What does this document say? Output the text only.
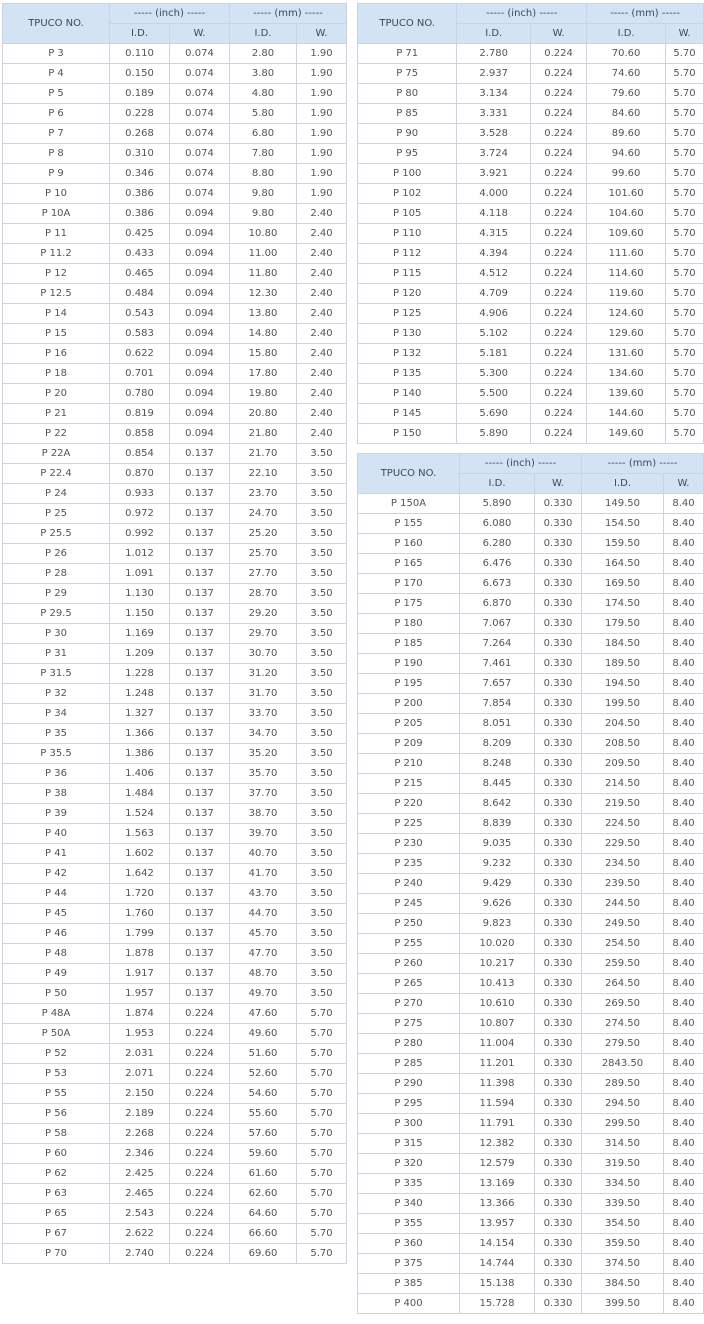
TPUCO NO.	----- (inch) -----		----- (mm) -----	
	I.D.	W.	I.D.	W.
P 3	0.110	0.074	2.80	1.90
P 4	0.150	0.074	3.80	1.90
P 5	0.189	0.074	4.80	1.90
P 6	0.228	0.074	5.80	1.90
P 7	0.268	0.074	6.80	1.90
P 8	0.310	0.074	7.80	1.90
P 9	0.346	0.074	8.80	1.90
P 10	0.386	0.074	9.80	1.90
P 10A	0.386	0.094	9.80	2.40
P 11	0.425	0.094	10.80	2.40
P 11.2	0.433	0.094	11.00	2.40
P 12	0.465	0.094	11.80	2.40
P 12.5	0.484	0.094	12.30	2.40
P 14	0.543	0.094	13.80	2.40
P 15	0.583	0.094	14.80	2.40
P 16	0.622	0.094	15.80	2.40
P 18	0.701	0.094	17.80	2.40
P 20	0.780	0.094	19.80	2.40
P 21	0.819	0.094	20.80	2.40
P 22	0.858	0.094	21.80	2.40
P 22A	0.854	0.137	21.70	3.50
P 22.4	0.870	0.137	22.10	3.50
P 24	0.933	0.137	23.70	3.50
P 25	0.972	0.137	24.70	3.50
P 25.5	0.992	0.137	25.20	3.50
P 26	1.012	0.137	25.70	3.50
P 28	1.091	0.137	27.70	3.50
P 29	1.130	0.137	28.70	3.50
P 29.5	1.150	0.137	29.20	3.50
P 30	1.169	0.137	29.70	3.50
P 31	1.209	0.137	30.70	3.50
P 31.5	1.228	0.137	31.20	3.50
P 32	1.248	0.137	31.70	3.50
P 34	1.327	0.137	33.70	3.50
P 35	1.366	0.137	34.70	3.50
P 35.5	1.386	0.137	35.20	3.50
P 36	1.406	0.137	35.70	3.50
P 38	1.484	0.137	37.70	3.50
P 39	1.524	0.137	38.70	3.50
P 40	1.563	0.137	39.70	3.50
P 41	1.602	0.137	40.70	3.50
P 42	1.642	0.137	41.70	3.50
P 44	1.720	0.137	43.70	3.50
P 45	1.760	0.137	44.70	3.50
P 46	1.799	0.137	45.70	3.50
P 48	1.878	0.137	47.70	3.50
P 49	1.917	0.137	48.70	3.50
P 50	1.957	0.137	49.70	3.50
P 48A	1.874	0.224	47.60	5.70
P 50A	1.953	0.224	49.60	5.70
P 52	2.031	0.224	51.60	5.70
P 53	2.071	0.224	52.60	5.70
P 55	2.150	0.224	54.60	5.70
P 56	2.189	0.224	55.60	5.70
P 58	2.268	0.224	57.60	5.70
P 60	2.346	0.224	59.60	5.70
P 62	2.425	0.224	61.60	5.70
P 63	2.465	0.224	62.60	5.70
P 65	2.543	0.224	64.60	5.70
P 67	2.622	0.224	66.60	5.70
P 70	2.740	0.224	69.60	5.70
TPUCO NO.	----- (inch) -----		----- (mm) -----	
	I.D.	W.	I.D.	W.
P 71	2.780	0.224	70.60	5.70
P 75	2.937	0.224	74.60	5.70
P 80	3.134	0.224	79.60	5.70
P 85	3.331	0.224	84.60	5.70
P 90	3.528	0.224	89.60	5.70
P 95	3.724	0.224	94.60	5.70
P 100	3.921	0.224	99.60	5.70
P 102	4.000	0.224	101.60	5.70
P 105	4.118	0.224	104.60	5.70
P 110	4.315	0.224	109.60	5.70
P 112	4.394	0.224	111.60	5.70
P 115	4.512	0.224	114.60	5.70
P 120	4.709	0.224	119.60	5.70
P 125	4.906	0.224	124.60	5.70
P 130	5.102	0.224	129.60	5.70
P 132	5.181	0.224	131.60	5.70
P 135	5.300	0.224	134.60	5.70
P 140	5.500	0.224	139.60	5.70
P 145	5.690	0.224	144.60	5.70
P 150	5.890	0.224	149.60	5.70
TPUCO NO.	----- (inch) -----		----- (mm) -----	
	I.D.	W.	I.D.	W.
P 150A	5.890	0.330	149.50	8.40
P 155	6.080	0.330	154.50	8.40
P 160	6.280	0.330	159.50	8.40
P 165	6.476	0.330	164.50	8.40
P 170	6.673	0.330	169.50	8.40
P 175	6.870	0.330	174.50	8.40
P 180	7.067	0.330	179.50	8.40
P 185	7.264	0.330	184.50	8.40
P 190	7.461	0.330	189.50	8.40
P 195	7.657	0.330	194.50	8.40
P 200	7.854	0.330	199.50	8.40
P 205	8.051	0.330	204.50	8.40
P 209	8.209	0.330	208.50	8.40
P 210	8.248	0.330	209.50	8.40
P 215	8.445	0.330	214.50	8.40
P 220	8.642	0.330	219.50	8.40
P 225	8.839	0.330	224.50	8.40
P 230	9.035	0.330	229.50	8.40
P 235	9.232	0.330	234.50	8.40
P 240	9.429	0.330	239.50	8.40
P 245	9.626	0.330	244.50	8.40
P 250	9.823	0.330	249.50	8.40
P 255	10.020	0.330	254.50	8.40
P 260	10.217	0.330	259.50	8.40
P 265	10.413	0.330	264.50	8.40
P 270	10.610	0.330	269.50	8.40
P 275	10.807	0.330	274.50	8.40
P 280	11.004	0.330	279.50	8.40
P 285	11.201	0.330	2843.50	8.40
P 290	11.398	0.330	289.50	8.40
P 295	11.594	0.330	294.50	8.40
P 300	11.791	0.330	299.50	8.40
P 315	12.382	0.330	314.50	8.40
P 320	12.579	0.330	319.50	8.40
P 335	13.169	0.330	334.50	8.40
P 340	13.366	0.330	339.50	8.40
P 355	13.957	0.330	354.50	8.40
P 360	14.154	0.330	359.50	8.40
P 375	14.744	0.330	374.50	8.40
P 385	15.138	0.330	384.50	8.40
P 400	15.728	0.330	399.50	8.40
